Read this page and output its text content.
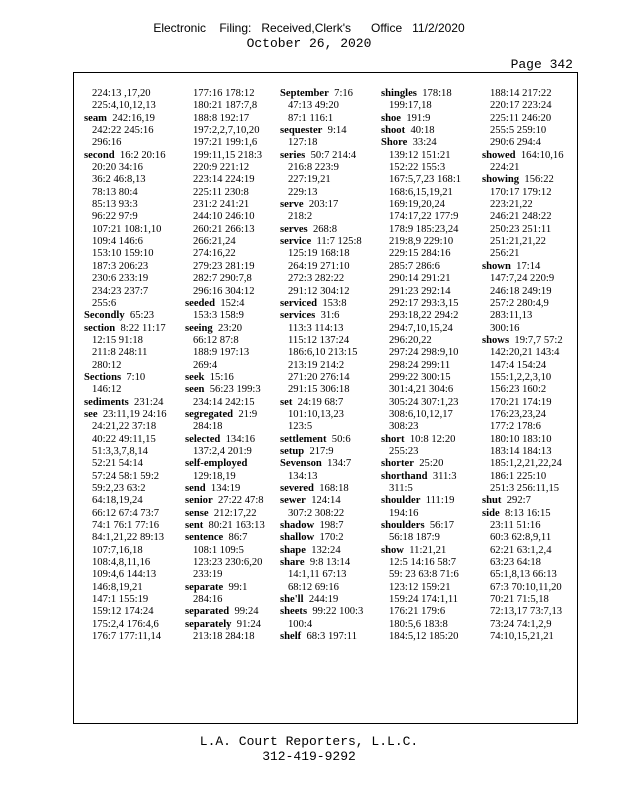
Electronic    Filing:   Received,Clerk's      Office   11/2/2020
October 26, 2020
Page 342
224:13 ,17,20
225:4,10,12,13
seam 242:16,19
242:22 245:16
296:16
second 16:2 20:16
20:20 34:16
36:2 46:8,13
78:13 80:4
85:13 93:3
96:22 97:9
107:21 108:1,10
109:4 146:6
153:10 159:10
187:3 206:23
230:6 233:19
234:23 237:7
255:6
Secondly 65:23
section 8:22 11:17
12:15 91:18
211:8 248:11
280:12
Sections 7:10
146:12
sediments 231:24
see 23:11,19 24:16
24:21,22 37:18
40:22 49:11,15
51:3,3,7,8,14
52:21 54:14
57:24 58:1 59:2
59:2,23 63:2
64:18,19,24
66:12 67:4 73:7
74:1 76:1 77:16
84:1,21,22 89:13
107:7,16,18
108:4,8,11,16
109:4,6 144:13
146:8,19,21
147:1 155:19
159:12 174:24
175:2,4 176:4,6
176:7 177:11,14
177:16 178:12
180:21 187:7,8
188:8 192:17
197:2,2,7,10,20
197:21 199:1,6
199:11,15 218:3
220:9 221:12
223:14 224:19
225:11 230:8
231:2 241:21
244:10 246:10
260:21 266:13
266:21,24
274:16,22
279:23 281:19
282:7 290:7,8
296:16 304:12
seeded 152:4
153:3 158:9
seeing 23:20
66:12 87:8
188:9 197:13
269:4
seek 15:16
seen 56:23 199:3
234:14 242:15
segregated 21:9
284:18
selected 134:16
137:2,4 201:9
self-employed
129:18,19
send 134:19
senior 27:22 47:8
sense 212:17,22
sent 80:21 163:13
sentence 86:7
108:1 109:5
123:23 230:6,20
233:19
separate 99:1
284:16
separated 99:24
separately 91:24
213:18 284:18
September 7:16
47:13 49:20
87:1 116:1
sequester 9:14
127:18
series 50:7 214:4
216:8 223:9
227:19,21
229:13
serve 203:17
218:2
serves 268:8
service 11:7 125:8
125:19 168:18
264:19 271:10
272:3 282:22
291:12 304:12
serviced 153:8
services 31:6
113:3 114:13
115:12 137:24
186:6,10 213:15
213:19 214:2
271:20 276:14
291:15 306:18
set 24:19 68:7
101:10,13,23
123:5
settlement 50:6
setup 217:9
Sevenson 134:7
134:13
severed 168:18
sewer 124:14
307:2 308:22
shadow 198:7
shallow 170:2
shape 132:24
share 9:8 13:14
14:1,11 67:13
68:12 69:16
she'll 244:19
sheets 99:22 100:3
100:4
shelf 68:3 197:11
shingles 178:18
199:17,18
shoe 191:9
shoot 40:18
Shore 33:24
139:12 151:21
152:22 155:3
167:5,7,23 168:1
168:6,15,19,21
169:19,20,24
174:17,22 177:9
178:9 185:23,24
219:8,9 229:10
229:15 284:16
285:7 286:6
290:14 291:21
291:23 292:14
292:17 293:3,15
293:18,22 294:2
294:7,10,15,24
296:20,22
297:24 298:9,10
298:24 299:11
299:22 300:15
301:4,21 304:6
305:24 307:1,23
308:6,10,12,17
308:23
short 10:8 12:20
255:23
shorter 25:20
shorthand 311:3
311:5
shoulder 111:19
194:16
shoulders 56:17
56:18 187:9
show 11:21,21
12:5 14:16 58:7
59: 23 63:8 71:6
123:12 159:21
159:24 174:1,11
176:21 179:6
180:5,6 183:8
184:5,12 185:20
188:14 217:22
220:17 223:24
225:11 246:20
255:5 259:10
290:6 294:4
showed 164:10,16
224:21
showing 156:22
170:17 179:12
223:21,22
246:21 248:22
250:23 251:11
251:21,21,22
256:21
shown 17:14
147:7,24 220:9
246:18 249:19
257:2 280:4,9
283:11,13
300:16
shows 19:7,7 57:2
142:20,21 143:4
147:4 154:24
155:1,2,2,3,10
156:23 160:2
170:21 174:19
176:23,23,24
177:2 178:6
180:10 183:10
183:14 184:13
185:1,2,21,22,24
186:1 225:10
251:3 256:11,15
shut 292:7
side 8:13 16:15
23:11 51:16
60:3 62:8,9,11
62:21 63:1,2,4
63:23 64:18
65:1,8,13 66:13
67:3 70:10,11,20
70:21 71:5,18
72:13,17 73:7,13
73:24 74:1,2,9
74:10,15,21,21
L.A. Court Reporters, L.L.C.
312-419-9292
